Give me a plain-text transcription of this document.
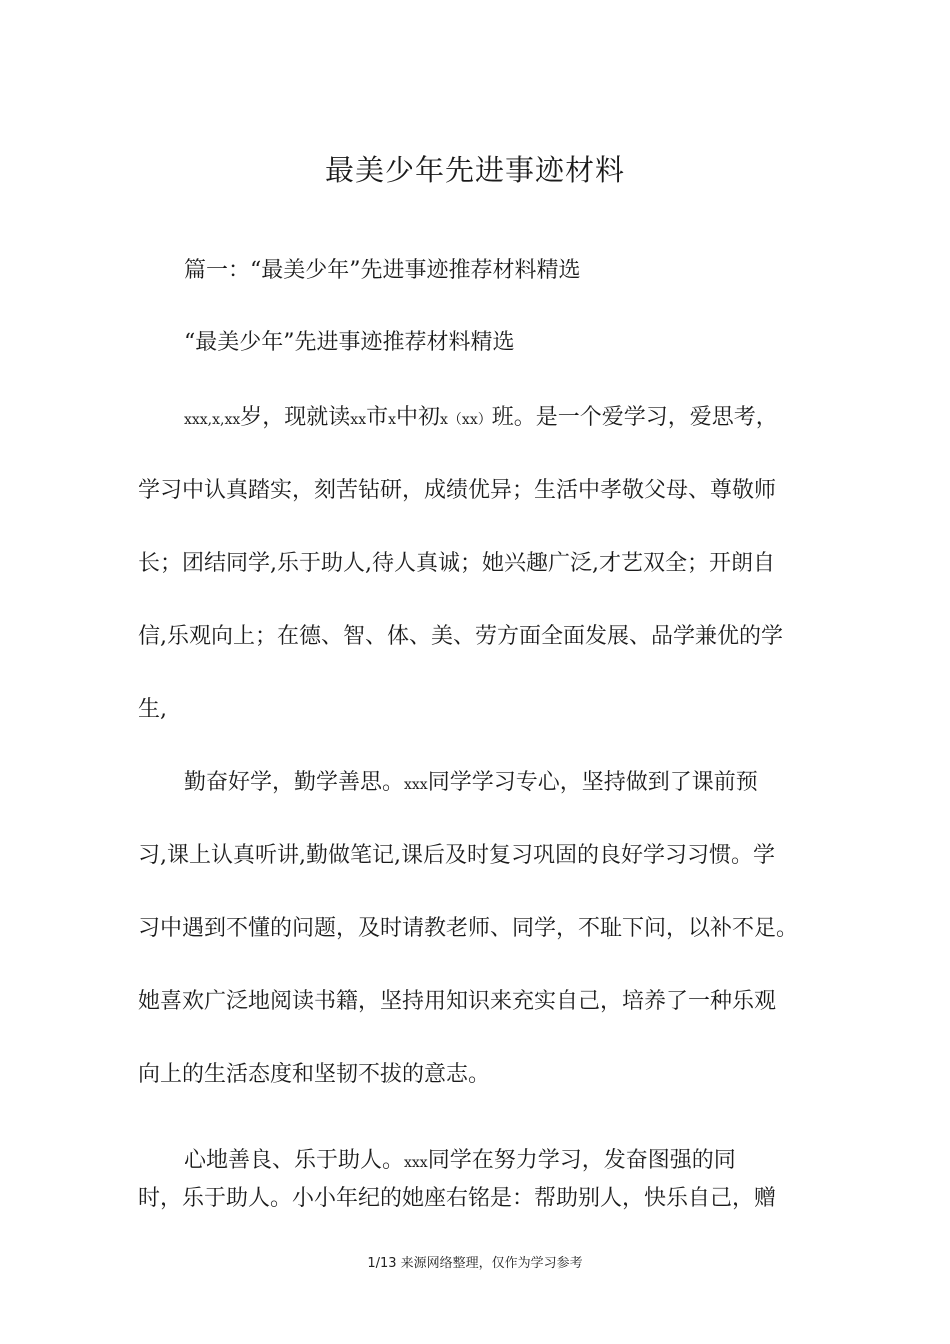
最美少年先进事迹材料
篇一：“最美少年”先进事迹推荐材料精选
“最美少年”先进事迹推荐材料精选
xxx,x,xx岁，现就读xx市x中初x（xx）班。是一个爱学习，爱思考，
学习中认真踏实，刻苦钻研，成绩优异；生活中孝敬父母、尊敬师
长；团结同学,乐于助人,待人真诚；她兴趣广泛,才艺双全；开朗自
信,乐观向上；在德、智、体、美、劳方面全面发展、品学兼优的学
生,
勤奋好学，勤学善思。xxx同学学习专心，坚持做到了课前预
习,课上认真听讲,勤做笔记,课后及时复习巩固的良好学习习惯。学
习中遇到不懂的问题，及时请教老师、同学，不耻下问，以补不足。
她喜欢广泛地阅读书籍，坚持用知识来充实自己，培养了一种乐观
向上的生活态度和坚韧不拔的意志。
心地善良、乐于助人。xxx同学在努力学习，发奋图强的同
时，乐于助人。小小年纪的她座右铭是：帮助别人，快乐自己，赠
1/13 来源网络整理，仅作为学习参考
